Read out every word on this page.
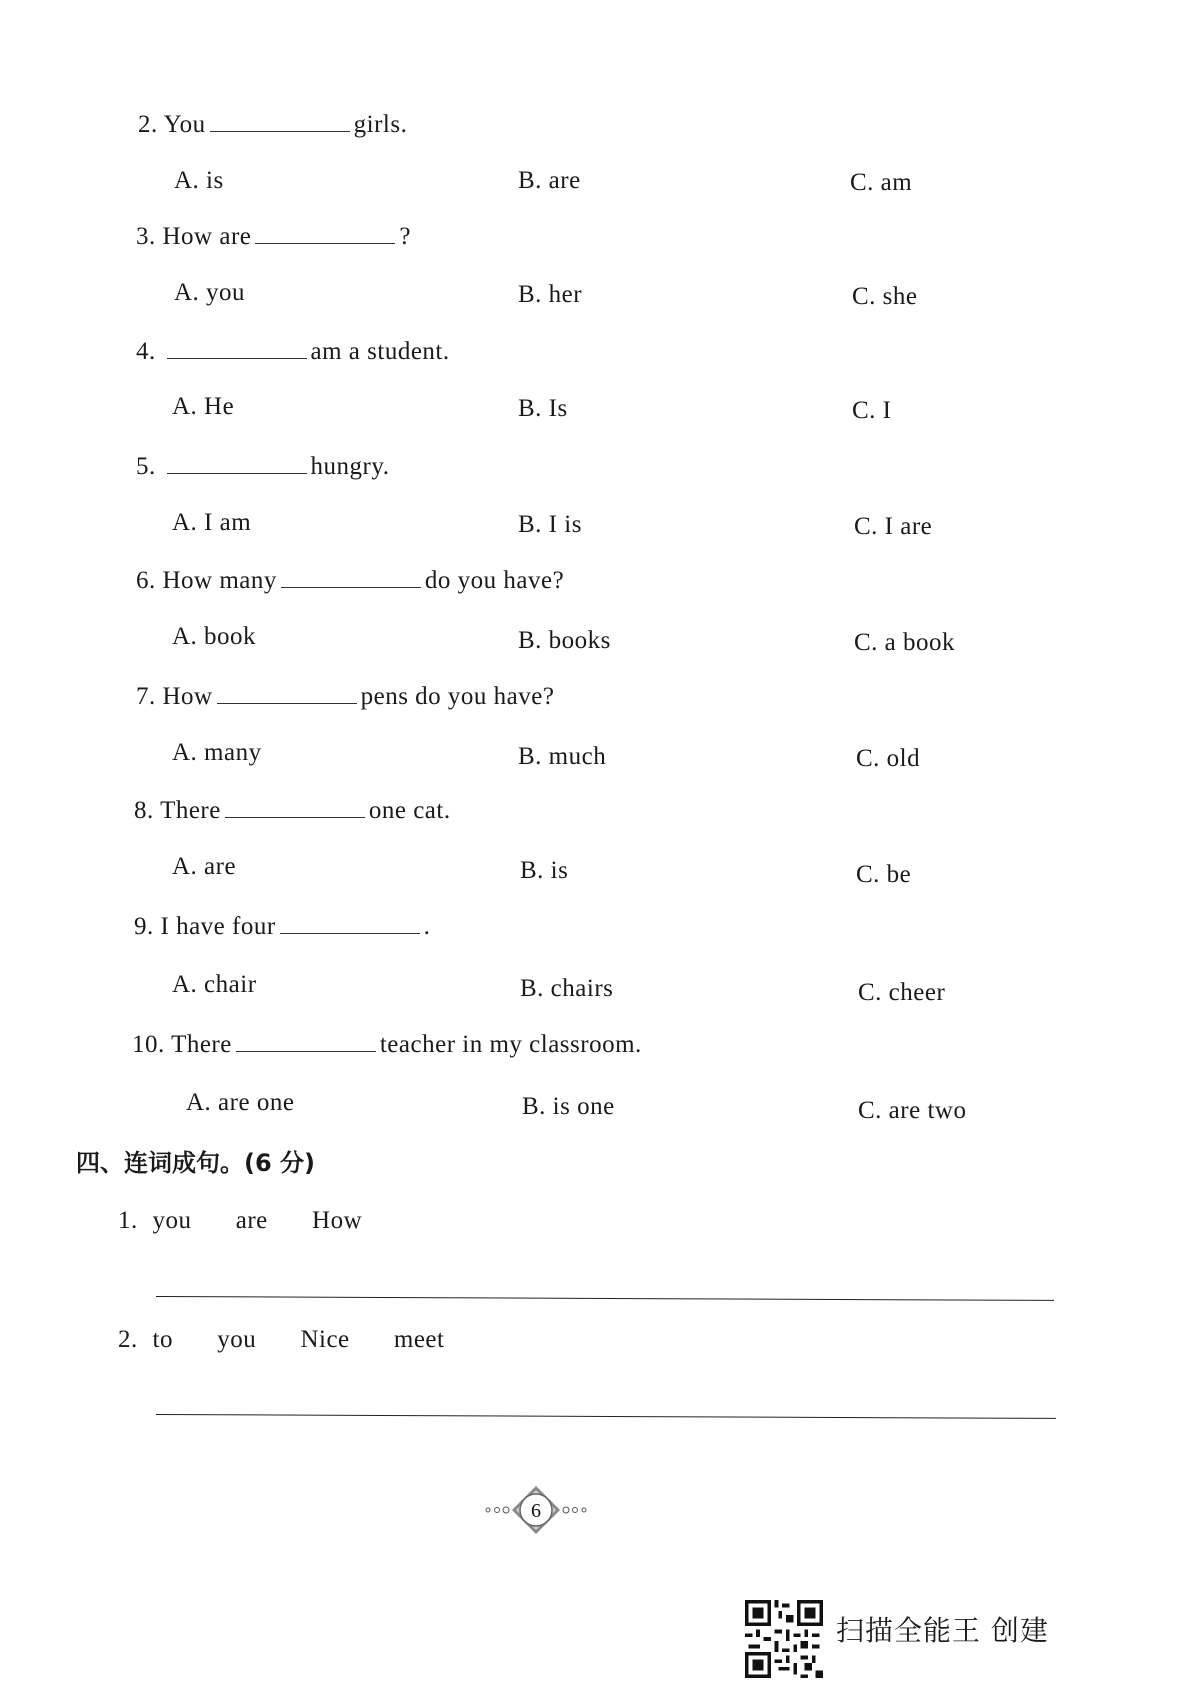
2. You	girls.
A. is	B. are	C. am
3. How are	?
A. you	B. her	C. she
4.	am a student.
A. He	B. Is	C. I
5.	hungry.
A. I am	B. I is	C. I are
6. How many	do you have?
A. book	B. books	C. a book
7. How	pens do you have?
A. many	B. much	C. old
8. There	one cat.
A. are	B. is	C. be
9. I have four	.
A. chair	B. chairs	C. cheer
10. There	teacher in my classroom.
A. are one	B. is one	C. are two
四、连词成句。(6 分)
1. you   are   How
2. to   you   Nice   meet
6
扫描全能王 创建
